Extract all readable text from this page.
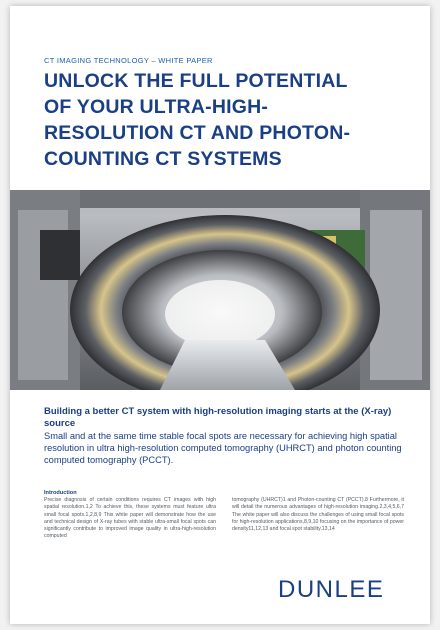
CT IMAGING TECHNOLOGY – WHITE PAPER
UNLOCK THE FULL POTENTIAL
OF YOUR ULTRA-HIGH-
RESOLUTION CT AND PHOTON-
COUNTING CT SYSTEMS
Building a better CT system with high-resolution imaging starts at the (X-ray) source
Small and at the same time stable focal spots are necessary for achieving high spatial resolution in ultra high-resolution computed tomography (UHRCT) and photon counting computed tomography (PCCT).
Introduction
Precise diagnosis of certain conditions requires CT images with high spatial resolution.1,2 To achieve this, these systems must feature ultra small focal spots.1,2,8,9 This white paper will demonstrate how the use and technical design of X-ray tubes with stable ultra-small focal spots can significantly contribute to improved image quality in ultra-high-resolution computed
tomography (UHRCT)1 and Photon-counting CT (PCCT).8 Furthermore, it will detail the numerous advantages of high-resolution imaging.2,3,4,5,6,7 The white paper will also discuss the challenges of using small focal spots for high-resolution applications,8,9,10 focusing on the importance of power density11,12,13 and focal spot stability.13,14
DUNLEE
